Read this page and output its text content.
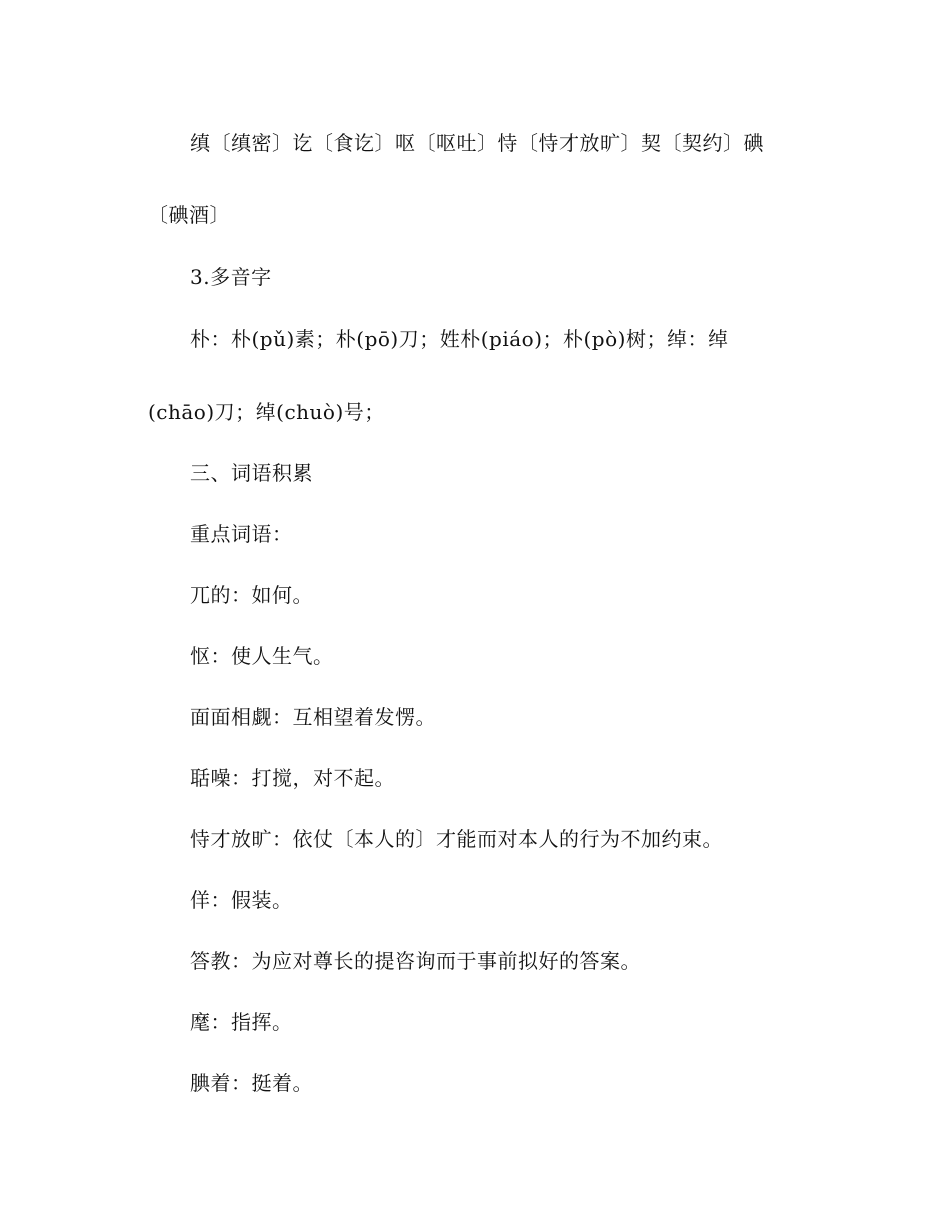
缜〔缜密〕讫〔食讫〕呕〔呕吐〕恃〔恃才放旷〕契〔契约〕碘
〔碘酒〕
3.多音字
朴：朴(pǔ)素；朴(pō)刀；姓朴(piáo)；朴(pò)树；绰：绰
(chāo)刀；绰(chuò)号；
三、词语积累
重点词语：
兀的：如何。
怄：使人生气。
面面相觑：互相望着发愣。
聒噪：打搅，对不起。
恃才放旷：依仗〔本人的〕才能而对本人的行为不加约束。
佯：假装。
答教：为应对尊长的提咨询而于事前拟好的答案。
麾：指挥。
腆着：挺着。
